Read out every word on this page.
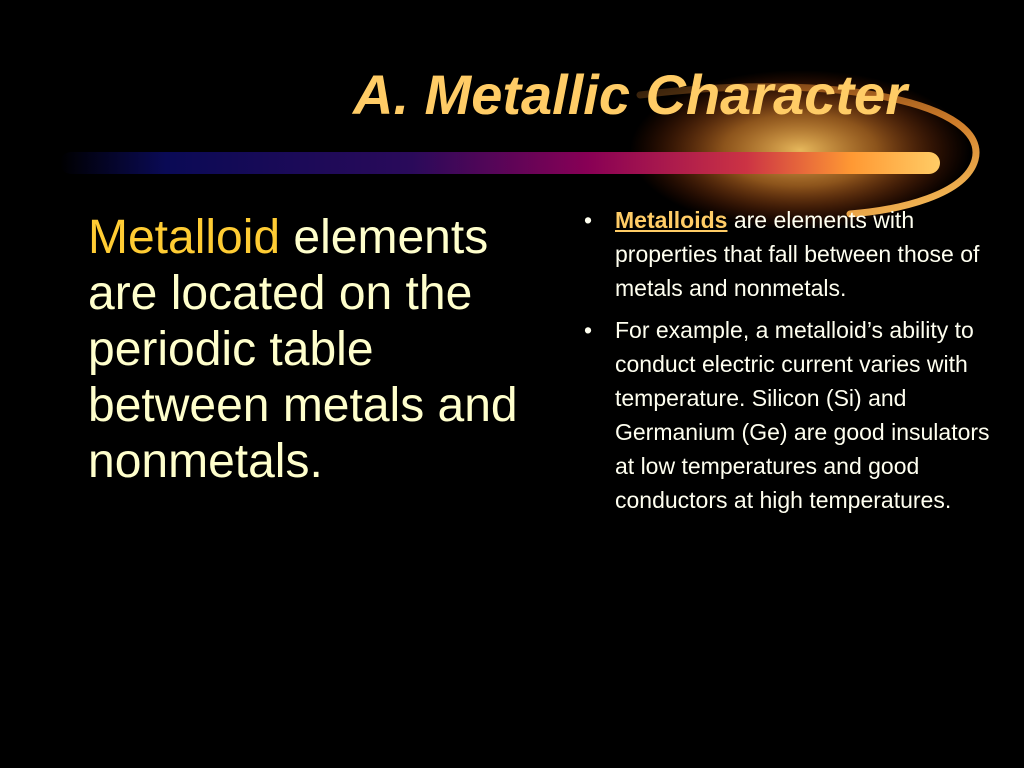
A. Metallic Character

Metalloid elements are located on the periodic table between metals and nonmetals.

• Metalloids are elements with properties that fall between those of metals and nonmetals.
• For example, a metalloid’s ability to conduct electric current varies with temperature. Silicon (Si) and Germanium (Ge) are good insulators at low temperatures and good conductors at high temperatures.
